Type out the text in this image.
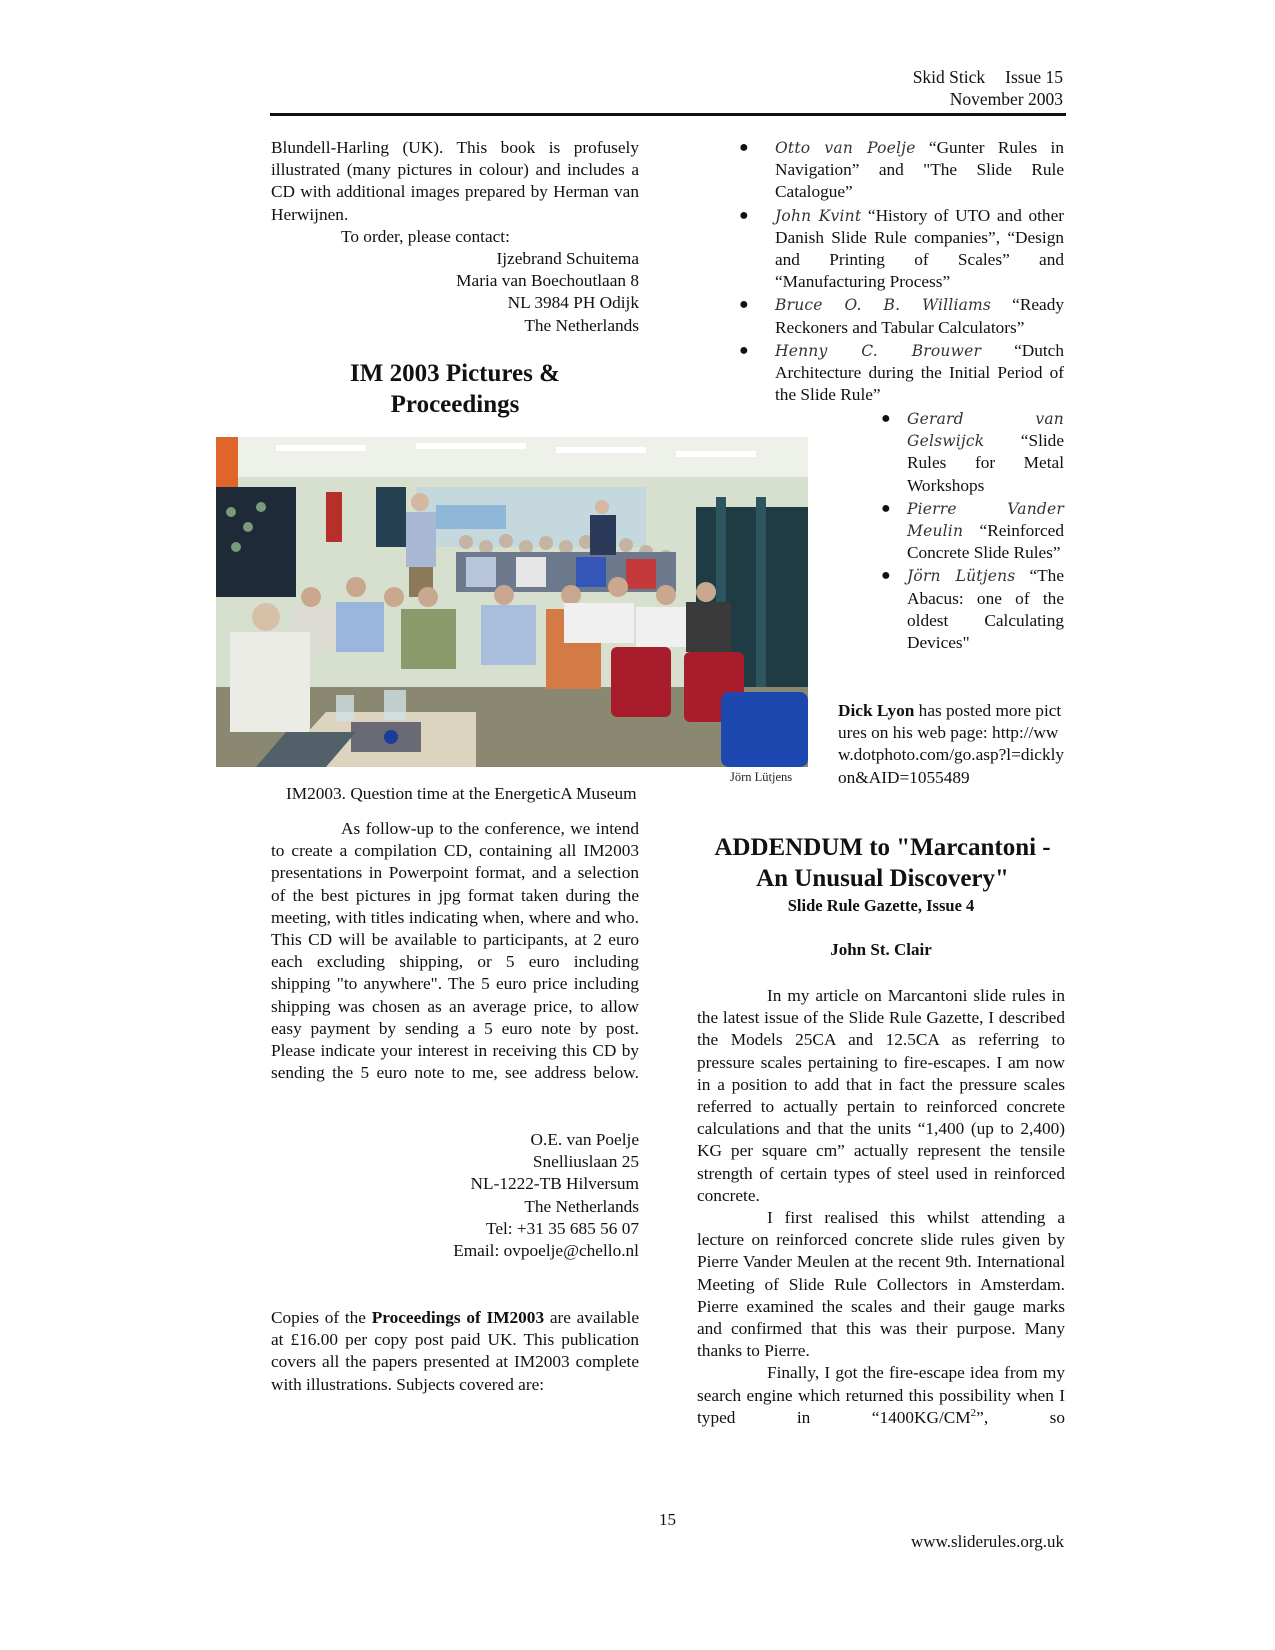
Skid Stick Issue 15
November 2003
Blundell-Harling (UK). This book is profusely illustrated (many pictures in colour) and includes a CD with additional images prepared by Herman van Herwijnen.
To order, please contact:
Ijzebrand Schuitema
Maria van Boechoutlaan 8
NL 3984 PH Odijk
The Netherlands
IM 2003 Pictures &
Proceedings
Jörn Lütjens
IM2003. Question time at the EnergeticA Museum
As follow-up to the conference, we intend to create a compilation CD, containing all IM2003 presentations in Powerpoint format, and a selection of the best pictures in jpg format taken during the meeting, with titles indicating when, where and who. This CD will be available to participants, at 2 euro each excluding shipping, or 5 euro including shipping "to anywhere". The 5 euro price including shipping was chosen as an average price, to allow easy payment by sending a 5 euro note by post. Please indicate your interest in receiving this CD by sending the 5 euro note to me, see address below.
O.E. van Poelje
Snelliuslaan 25
NL-1222-TB Hilversum
The Netherlands
Tel: +31 35 685 56 07
Email: ovpoelje@chello.nl
Copies of the Proceedings of IM2003 are available at £16.00 per copy post paid UK. This publication covers all the papers presented at IM2003 complete with illustrations. Subjects covered are:
● Otto van Poelje “Gunter Rules in Navigation” and "The Slide Rule Catalogue”
● John Kvint “History of UTO and other Danish Slide Rule companies”, “Design and Printing of Scales” and “Manufacturing Process”
● Bruce O. B. Williams “Ready Reckoners and Tabular Calculators”
● Henny C. Brouwer “Dutch Architecture during the Initial Period of the Slide Rule”
● Gerard van Gelswijck “Slide Rules for Metal Workshops
● Pierre Vander Meulin “Reinforced Concrete Slide Rules”
● Jörn Lütjens “The Abacus: one of the oldest Calculating Devices"
Dick Lyon has posted more pictures on his web page: http://www.dotphoto.com/go.asp?l=dicklyon&AID=1055489
ADDENDUM to "Marcantoni -
An Unusual Discovery"
Slide Rule Gazette, Issue 4
John St. Clair

In my article on Marcantoni slide rules in the latest issue of the Slide Rule Gazette, I described the Models 25CA and 12.5CA as referring to pressure scales pertaining to fire-escapes. I am now in a position to add that in fact the pressure scales referred to actually pertain to reinforced concrete calculations and that the units “1,400 (up to 2,400) KG per square cm” actually represent the tensile strength of certain types of steel used in reinforced concrete.

I first realised this whilst attending a lecture on reinforced concrete slide rules given by Pierre Vander Meulen at the recent 9th. International Meeting of Slide Rule Collectors in Amsterdam. Pierre examined the scales and their gauge marks and confirmed that this was their purpose. Many thanks to Pierre.

Finally, I got the fire-escape idea from my search engine which returned this possibility when I typed in “$1400KG/CM^2$”, so

15
www.sliderules.org.uk
